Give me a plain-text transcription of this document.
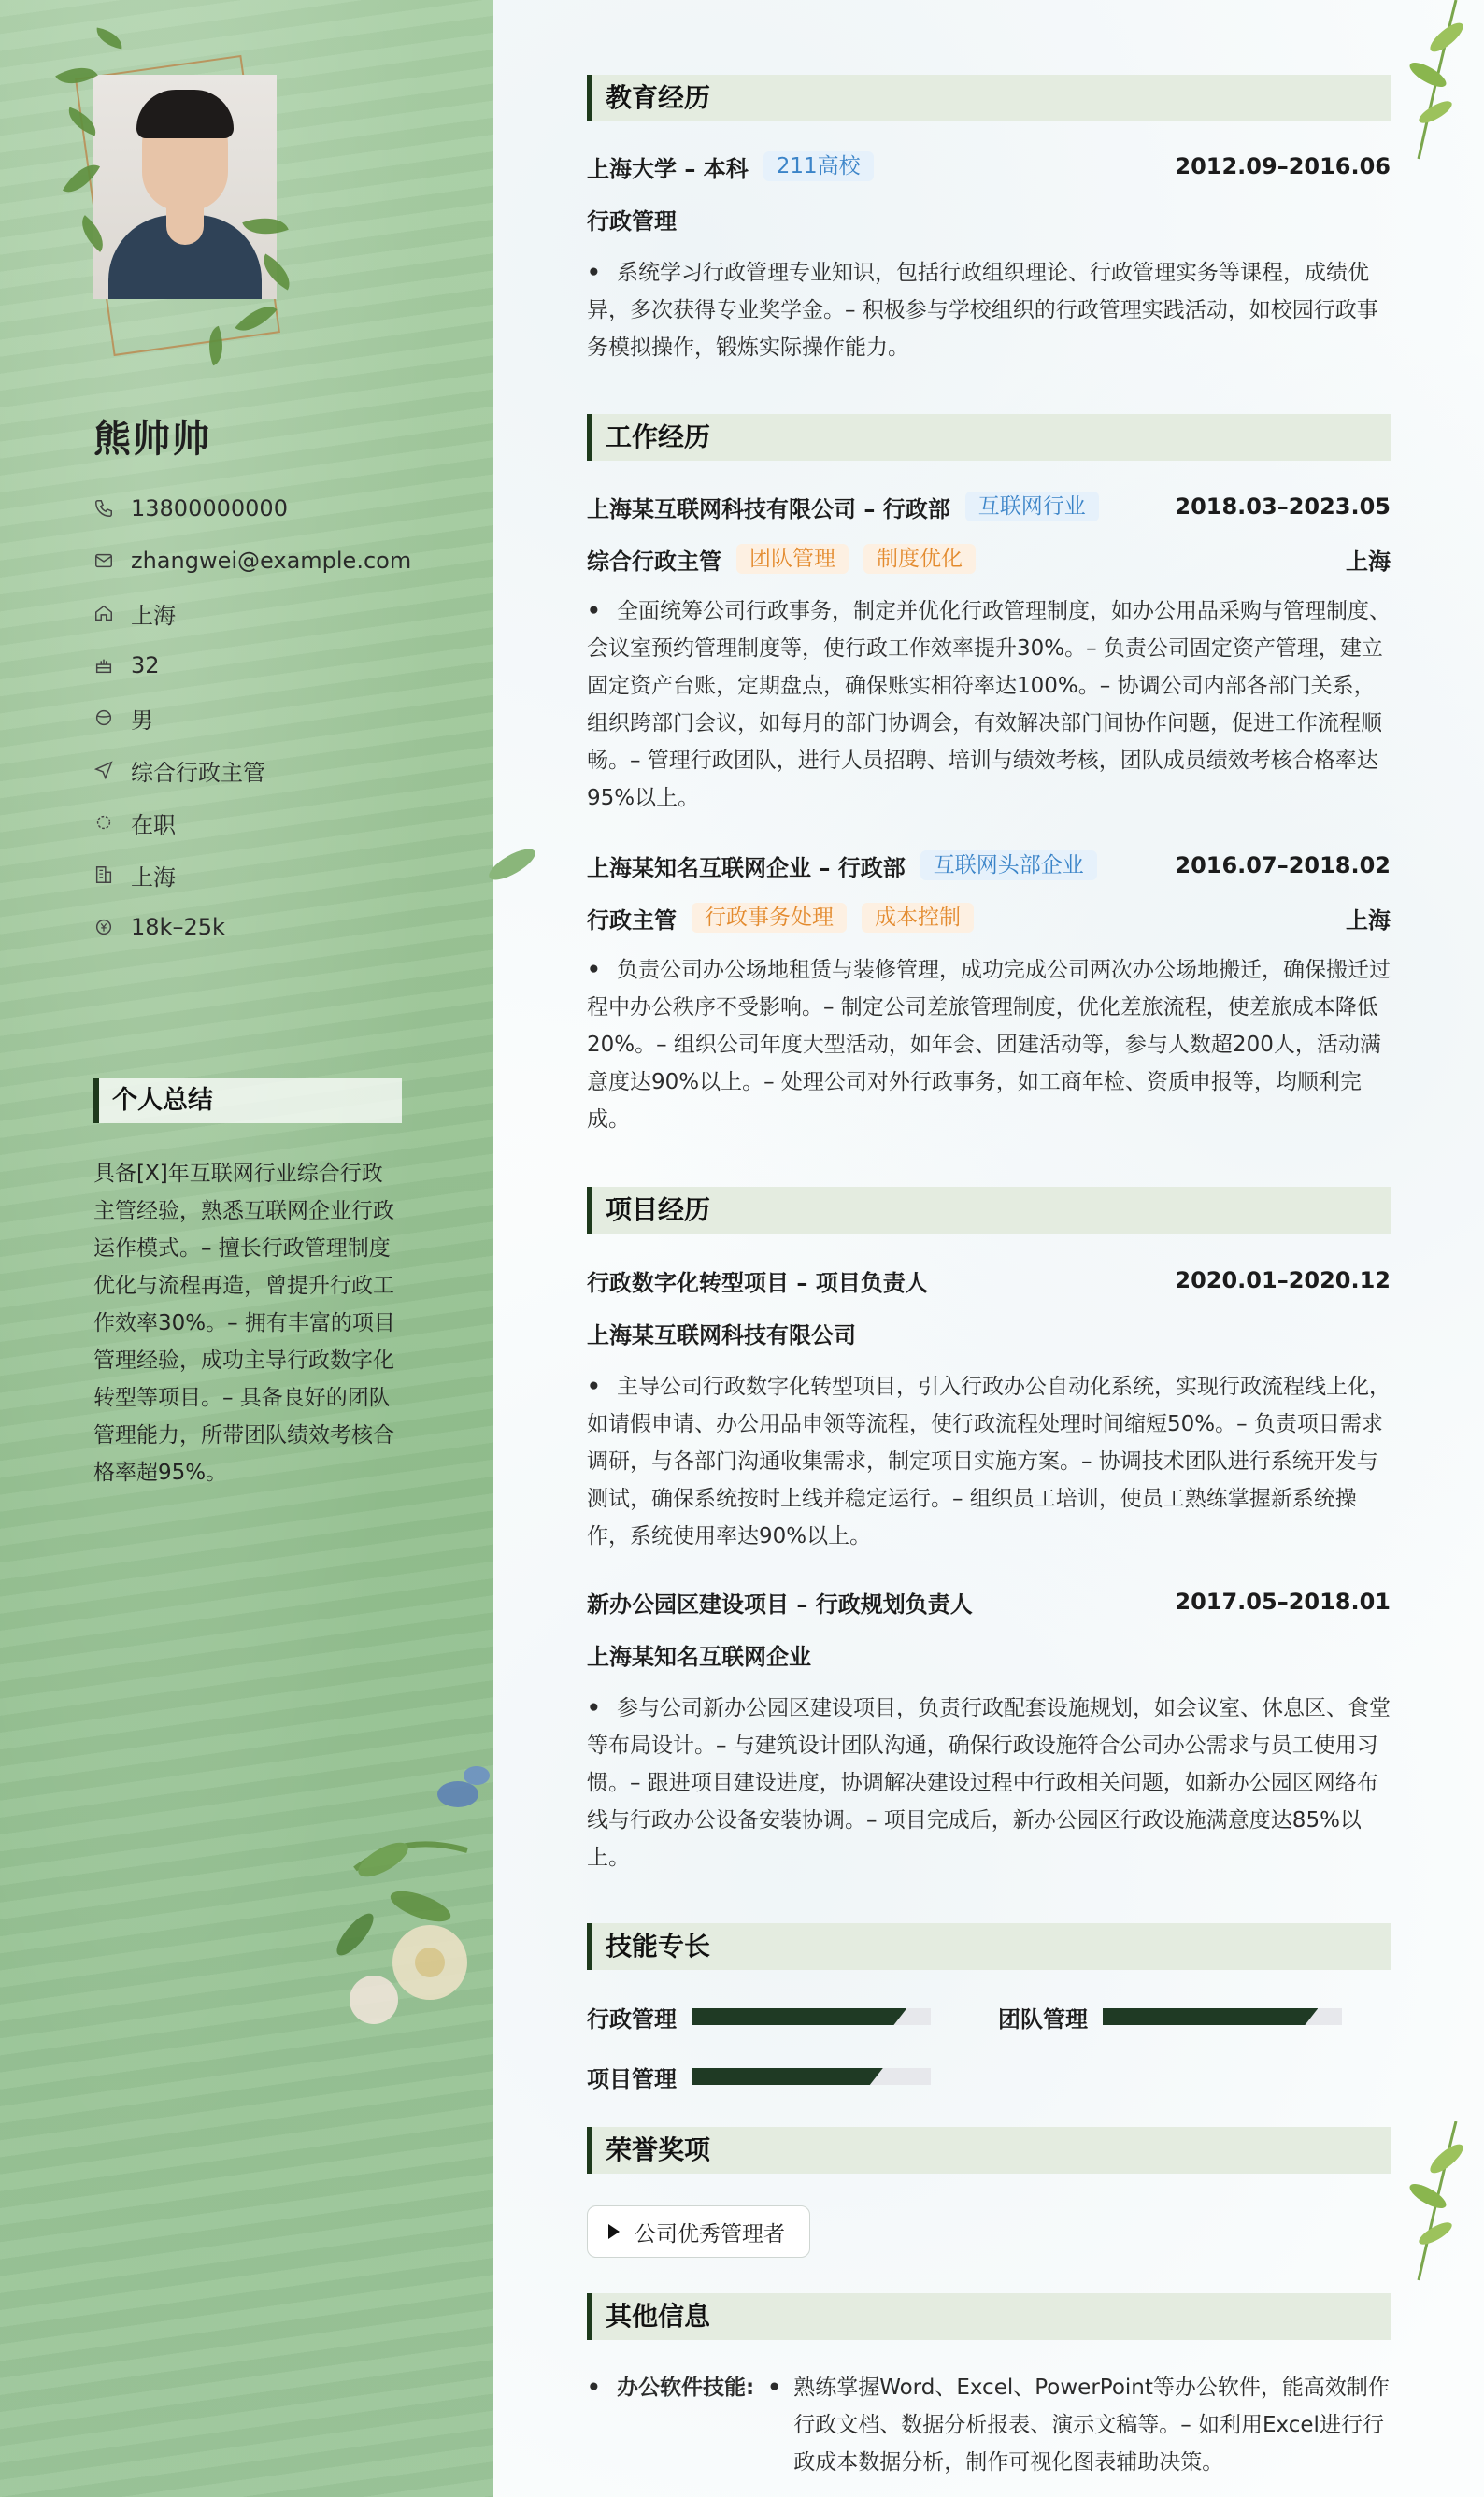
熊帅帅
13800000000
zhangwei@example.com
上海
32
男
综合行政主管
在职
上海
18k–25k
个人总结
具备[X]年互联网行业综合行政主管经验，熟悉互联网企业行政运作模式。– 擅长行政管理制度优化与流程再造，曾提升行政工作效率30%。– 拥有丰富的项目管理经验，成功主导行政数字化转型等项目。– 具备良好的团队管理能力，所带团队绩效考核合格率超95%。
教育经历
上海大学 – 本科	211高校	2012.09–2016.06
行政管理
• 系统学习行政管理专业知识，包括行政组织理论、行政管理实务等课程，成绩优异，多次获得专业奖学金。– 积极参与学校组织的行政管理实践活动，如校园行政事务模拟操作，锻炼实际操作能力。
工作经历
上海某互联网科技有限公司 – 行政部	互联网行业	2018.03–2023.05
综合行政主管	团队管理	制度优化	上海
• 全面统筹公司行政事务，制定并优化行政管理制度，如办公用品采购与管理制度、会议室预约管理制度等，使行政工作效率提升30%。– 负责公司固定资产管理，建立固定资产台账，定期盘点，确保账实相符率达100%。– 协调公司内部各部门关系，组织跨部门会议，如每月的部门协调会，有效解决部门间协作问题，促进工作流程顺畅。– 管理行政团队，进行人员招聘、培训与绩效考核，团队成员绩效考核合格率达95%以上。
上海某知名互联网企业 – 行政部	互联网头部企业	2016.07–2018.02
行政主管	行政事务处理	成本控制	上海
• 负责公司办公场地租赁与装修管理，成功完成公司两次办公场地搬迁，确保搬迁过程中办公秩序不受影响。– 制定公司差旅管理制度，优化差旅流程，使差旅成本降低20%。– 组织公司年度大型活动，如年会、团建活动等，参与人数超200人，活动满意度达90%以上。– 处理公司对外行政事务，如工商年检、资质申报等，均顺利完成。
项目经历
行政数字化转型项目 – 项目负责人	2020.01–2020.12
上海某互联网科技有限公司
• 主导公司行政数字化转型项目，引入行政办公自动化系统，实现行政流程线上化，如请假申请、办公用品申领等流程，使行政流程处理时间缩短50%。– 负责项目需求调研，与各部门沟通收集需求，制定项目实施方案。– 协调技术团队进行系统开发与测试，确保系统按时上线并稳定运行。– 组织员工培训，使员工熟练掌握新系统操作，系统使用率达90%以上。
新办公园区建设项目 – 行政规划负责人	2017.05–2018.01
上海某知名互联网企业
• 参与公司新办公园区建设项目，负责行政配套设施规划，如会议室、休息区、食堂等布局设计。– 与建筑设计团队沟通，确保行政设施符合公司办公需求与员工使用习惯。– 跟进项目建设进度，协调解决建设过程中行政相关问题，如新办公园区网络布线与行政办公设备安装协调。– 项目完成后，新办公园区行政设施满意度达85%以上。
技能专长
行政管理	团队管理
项目管理
荣誉奖项
公司优秀管理者
其他信息
• 办公软件技能: • 熟练掌握Word、Excel、PowerPoint等办公软件，能高效制作行政文档、数据分析报表、演示文稿等。– 如利用Excel进行行政成本数据分析，制作可视化图表辅助决策。
